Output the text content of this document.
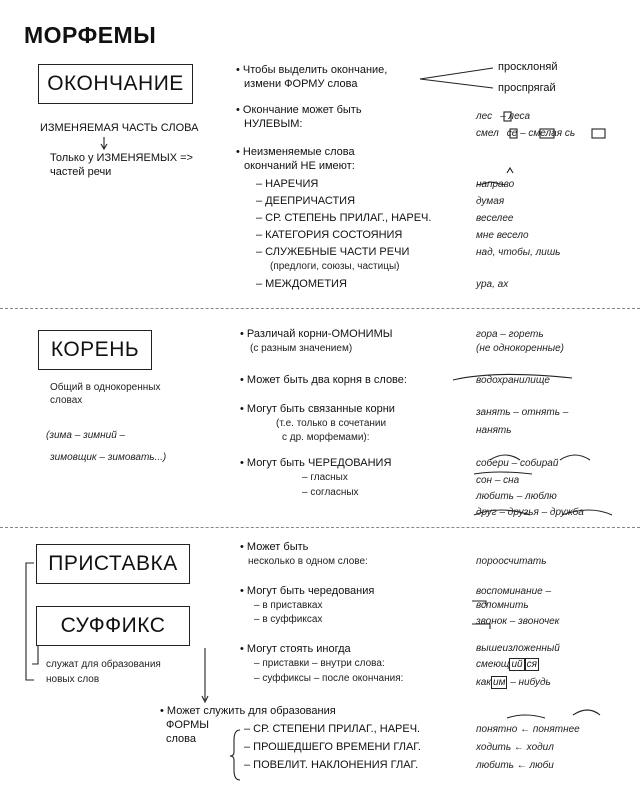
МОРФЕМЫ
ОКОНЧАНИЕ
ИЗМЕНЯЕМАЯ ЧАСТЬ СЛОВА
Только у ИЗМЕНЯЕМЫХ =>
частей речи
• Чтобы выделить окончание,
измени ФОРМУ слова
просклоняй
проспрягай
• Окончание может быть
НУЛЕВЫМ:
лес – леса
смел се – смелая сь
• Неизменяемые слова
окончаний НЕ имеют:
– НАРЕЧИЯ
– ДЕЕПРИЧАСТИЯ
– СР. СТЕПЕНЬ ПРИЛАГ., НАРЕЧ.
– КАТЕГОРИЯ СОСТОЯНИЯ
– СЛУЖЕБНЫЕ ЧАСТИ РЕЧИ
(предлоги, союзы, частицы)
– МЕЖДОМЕТИЯ
направо
думая
веселее
мне весело
над, чтобы, лишь
ура, ах
КОРЕНЬ
Общий в однокоренных
словах
(зима – зимний –
зимовщик – зимовать...)
• Различай корни-ОМОНИМЫ
(с разным значением)
гора – гореть
(не однокоренные)
• Может быть два корня в слове:	водохранилище
• Могут быть связанные корни
(т.е. только в сочетании
с др. морфемами):
занять – отнять –
нанять
• Могут быть ЧЕРЕДОВАНИЯ
– гласных
– согласных
собери – собирай
сон – сна
любить – люблю
друг – друзья – дружба
ПРИСТАВКА
СУФФИКС
служат для образования
новых слов
• Может быть
несколько в одном слове:	пороосчитать
• Могут быть чередования
– в приставках
– в суффиксах
воспоминание –
вспомнить
звонок – звоночек
• Могут стоять иногда
– приставки – внутри слова:
– суффиксы – после окончания:
вышеизложенный
смеющ ий ся
как им – нибудь
• Может служить для образования
ФОРМЫ
слова
– СР. СТЕПЕНИ ПРИЛАГ., НАРЕЧ.
– ПРОШЕДШЕГО ВРЕМЕНИ ГЛАГ.
– ПОВЕЛИТ. НАКЛОНЕНИЯ ГЛАГ.
понятно ← понятнее
ходить ← ходил
любить ← люби
